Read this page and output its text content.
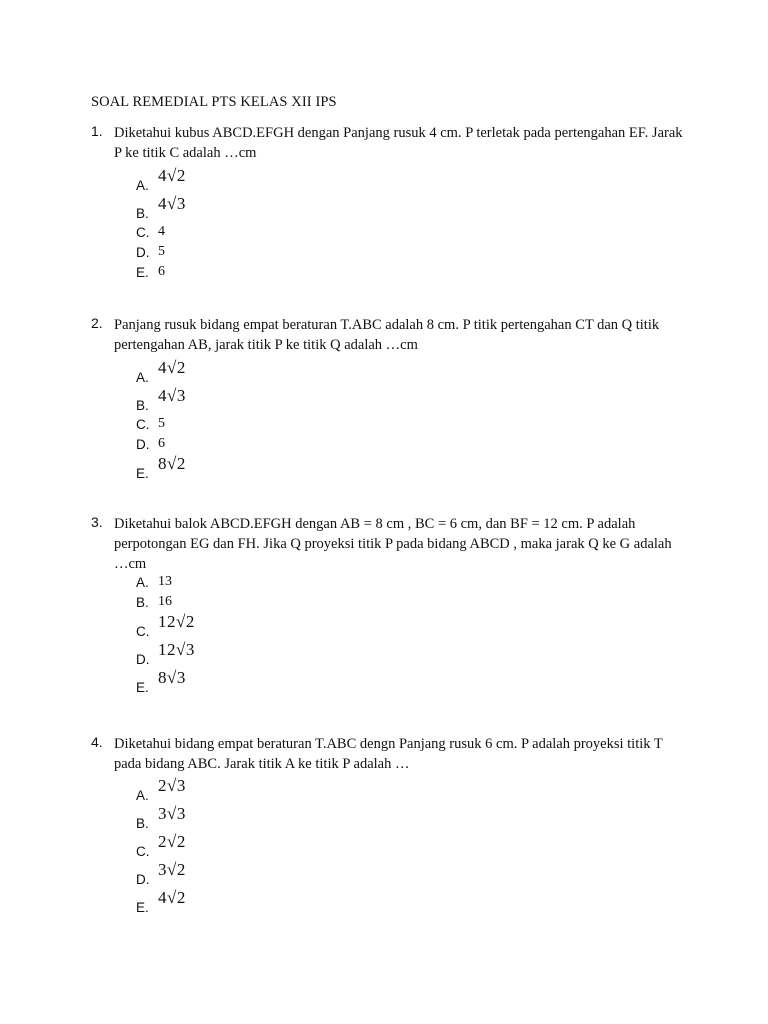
SOAL REMEDIAL PTS KELAS XII IPS
1. Diketahui kubus ABCD.EFGH dengan Panjang rusuk 4 cm. P terletak pada pertengahan EF. Jarak P ke titik C adalah …cm
A.
4√2
B.
4√3
C. 4
D. 5
E. 6
2. Panjang rusuk bidang empat beraturan T.ABC adalah 8 cm. P titik pertengahan CT dan Q titik pertengahan AB, jarak titik P ke titik Q adalah …cm
A.
4√2
B.
4√3
C. 5
D. 6
E.
8√2
3. Diketahui balok ABCD.EFGH dengan AB = 8 cm , BC = 6 cm, dan BF = 12 cm. P adalah perpotongan EG dan FH. Jika Q proyeksi titik P pada bidang ABCD , maka jarak Q ke G adalah …cm
A. 13
B. 16
C.
12√2
D.
12√3
E.
8√3
4. Diketahui bidang empat beraturan T.ABC dengn Panjang rusuk 6 cm. P adalah proyeksi titik T pada bidang ABC. Jarak titik A ke titik P adalah …
A.
2√3
B.
3√3
C.
2√2
D.
3√2
E.
4√2
